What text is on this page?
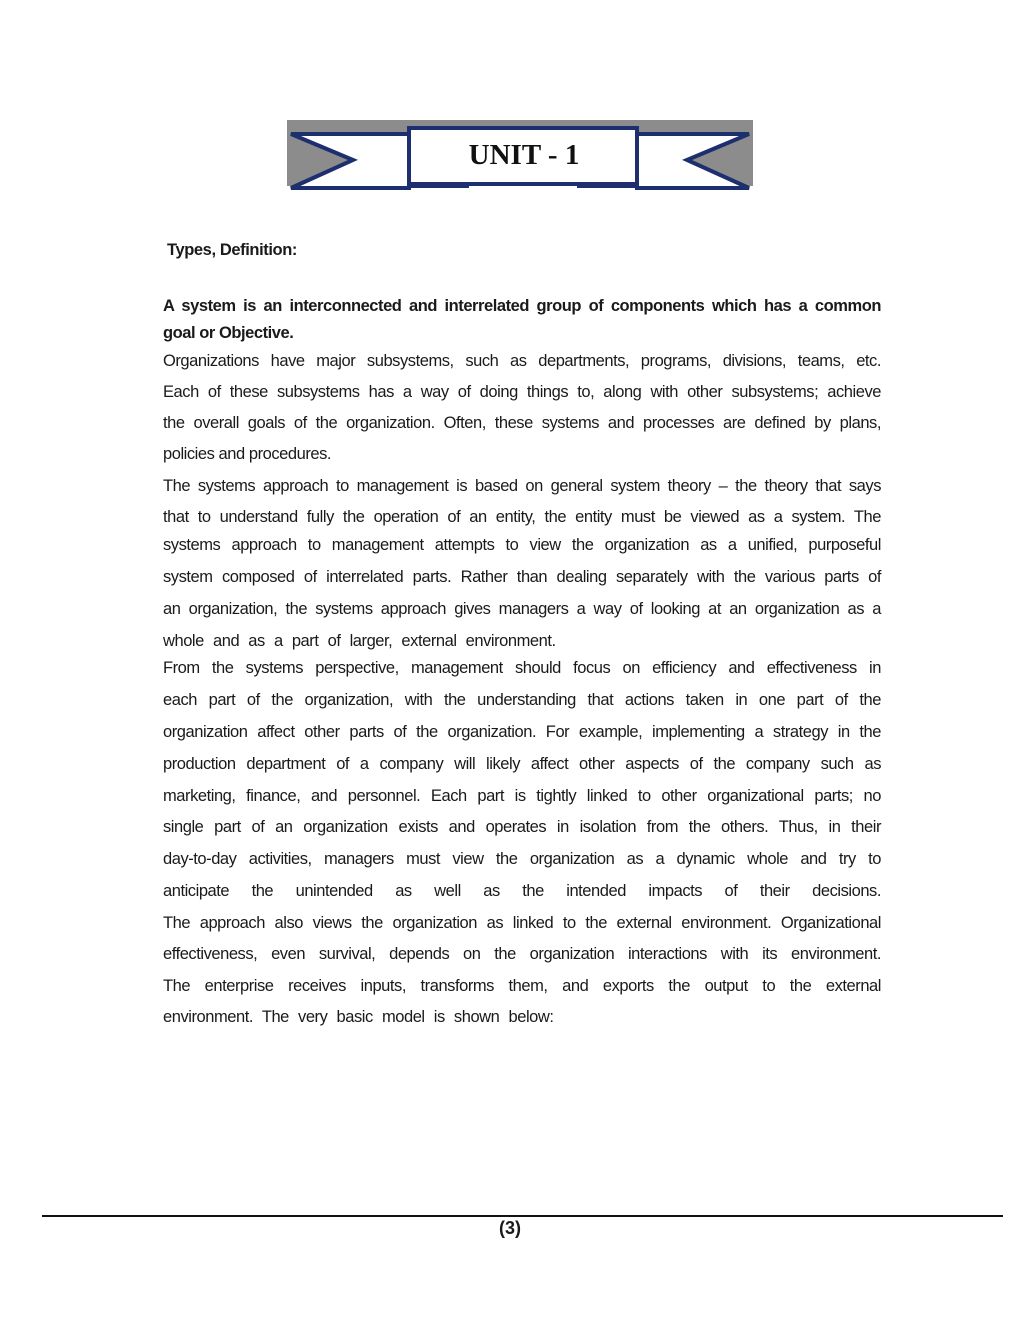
UNIT - 1
Types, Definition:
A system is an interconnected and interrelated group of components which has a common
goal or Objective.
Organizations have major subsystems, such as departments, programs, divisions, teams, etc.
Each of these subsystems has a way of doing things to, along with other subsystems; achieve
the overall goals of the organization. Often, these systems and processes are defined by plans,
policies and procedures.
The systems approach to management is based on general system theory – the theory that says
that to understand fully the operation of an entity, the entity must be viewed as a system. The
systems approach to management attempts to view the organization as a unified, purposeful
system composed of interrelated parts. Rather than dealing separately with the various parts of
an organization, the systems approach gives managers a way of looking at an organization as a
whole and as a part of larger, external environment.
From the systems perspective, management should focus on efficiency and effectiveness in
each part of the organization, with the understanding that actions taken in one part of the
organization affect other parts of the organization. For example, implementing a strategy in the
production department of a company will likely affect other aspects of the company such as
marketing, finance, and personnel. Each part is tightly linked to other organizational parts; no
single part of an organization exists and operates in isolation from the others. Thus, in their
day-to-day activities, managers must view the organization as a dynamic whole and try to
anticipate the unintended as well as the intended impacts of their decisions.
The approach also views the organization as linked to the external environment. Organizational
effectiveness, even survival, depends on the organization interactions with its environment.
The enterprise receives inputs, transforms them, and exports the output to the external
environment. The very basic model is shown below:
(3)
